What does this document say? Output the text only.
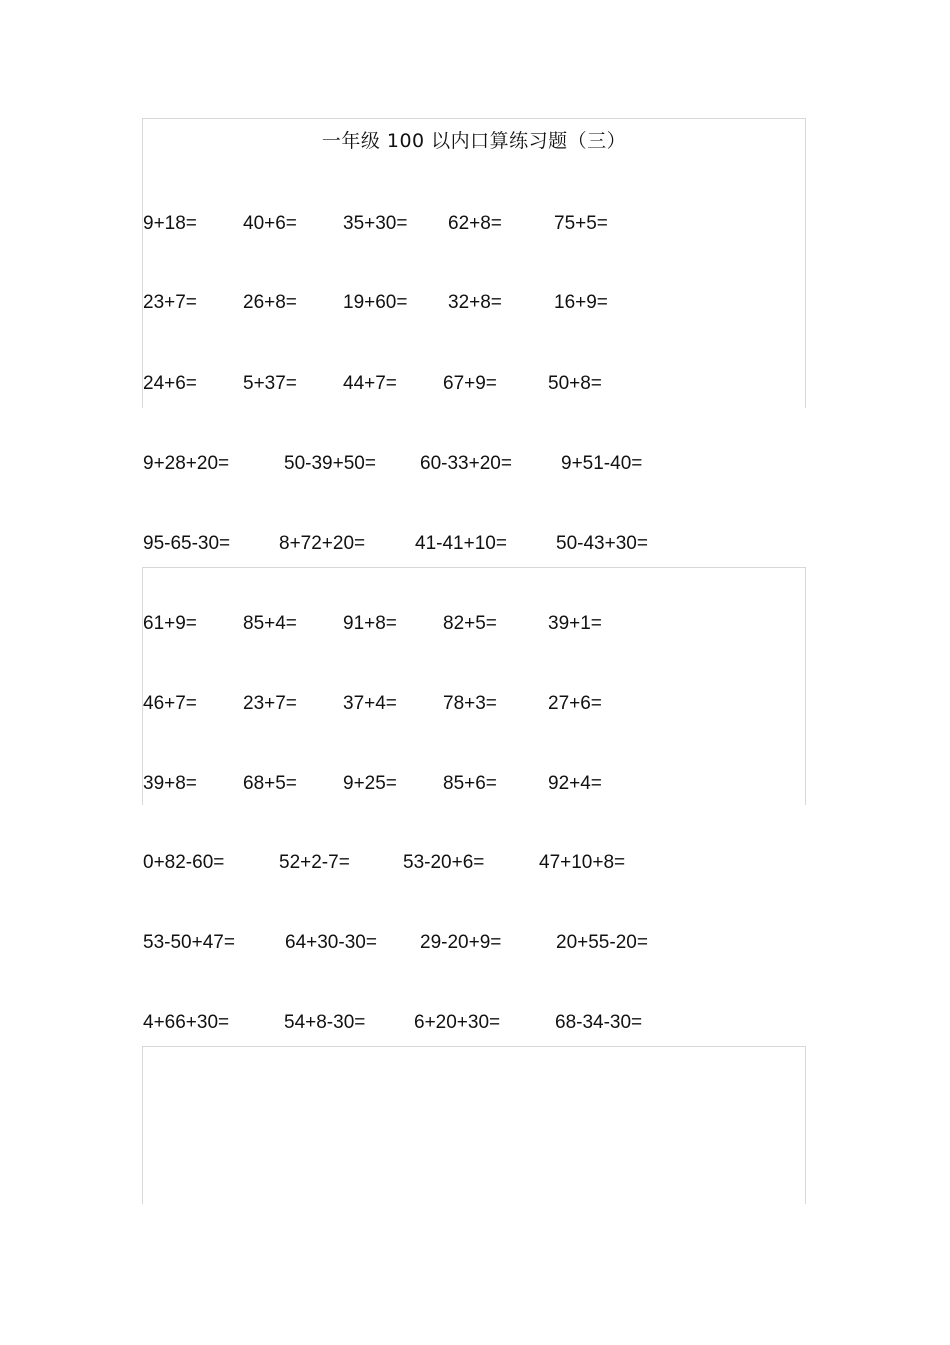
一年级 100 以内口算练习题（三）
9+18= 40+6= 35+30= 62+8=	75+5=
23+7= 26+8= 19+60= 32+8=	16+9=
24+6= 5+37= 44+7= 67+9=	50+8=
9+28+20=	50-39+50= 60-33+20=	9+51-40=
95-65-30=	8+72+20=	41-41+10=	50-43+30=
61+9= 85+4= 91+8= 82+5=	39+1=
46+7= 23+7= 37+4= 78+3=	27+6=
39+8= 68+5= 9+25= 85+6=	92+4=
0+82-60=	52+2-7=	53-20+6=	47+10+8=
53-50+47=	64+30-30= 29-20+9=	20+55-20=
4+66+30=	54+8-30=	6+20+30=	68-34-30=
